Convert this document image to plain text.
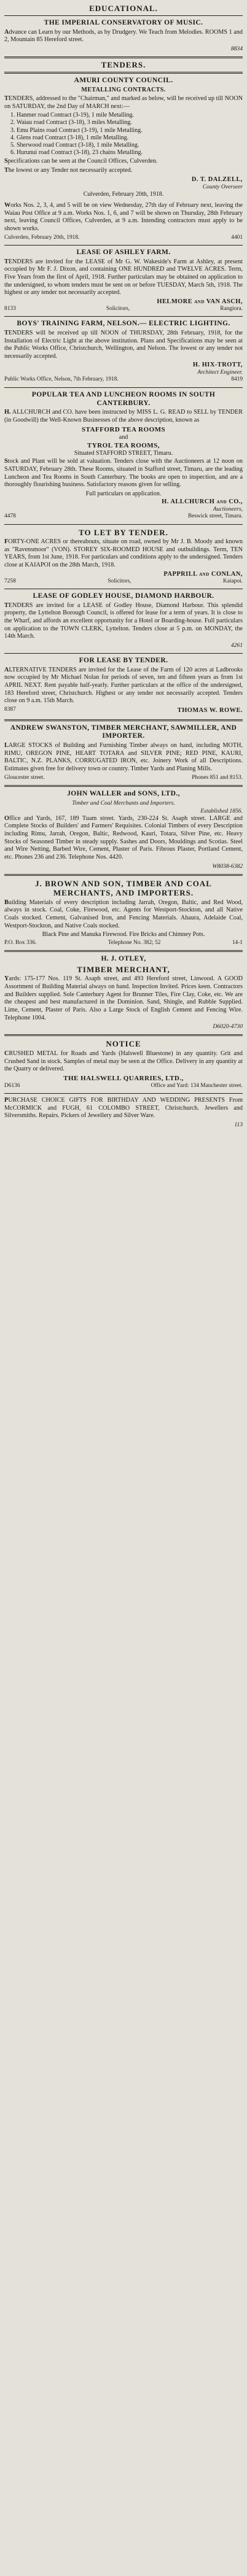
EDUCATIONAL.
THE IMPERIAL CONSERVATORY OF MUSIC.

Advance can Learn by our Methods, as by Drudgery. We Teach from Melodies. ROOMS 1 and 2, Mountain 85 Hereford street.

8834
TENDERS.
AMURI COUNTY COUNCIL.
METALLING CONTRACTS.

TENDERS, addressed to the "Chairman," and marked as below, will be received up till NOON on SATURDAY, the 2nd Day of MARCH next:—

1. Hanmer road Contract (3-19), 1 mile Metalling.
2. Waiau road Contract (3-18), 3 miles Metalling.
3. Emu Plains road Contract (3-19), 1 mile Metalling.
4. Glens road Contract (3-18), 1 mile Metalling.
5. Sherwood road Contract (3-18), 1 mile Metalling.
6. Hurunui road Contract (3-18), 23 chains Metalling.

Specifications can be seen at the Council Offices, Culverden.

The lowest or any Tender not necessarily accepted.

D. T. DALZELL,
County Overseer
Culverden, February 20th, 1918.

Works Nos. 2, 3, 4, and 5 will be on view Wednesday, 27th day of February next, leaving the Waiau Post Office at 9 a.m. Works Nos. 1, 6, and 7 will be shown on Thursday, 28th February next, leaving Council Offices, Culverden, at 9 a.m. Intending contractors must apply to be shown works.

Culverden, February 20th, 1918.	4401
LEASE OF ASHLEY FARM.

TENDERS are invited for the LEASE of Mr G. W. Wakeside's Farm at Ashley, at present occupied by Mr F. J. Dixon, and containing ONE HUNDRED and TWELVE ACRES. Term, Five Years from the first of April, 1918. Further particulars may be obtained on application to the undersigned, to whom tenders must be sent on or before TUESDAY, March 5th, 1918. The highest or any tender not necessarily accepted.

HELMORE and VAN ASCH,
8133	Solicitors,	Rangiora.
BOYS' TRAINING FARM, NELSON.— ELECTRIC LIGHTING.

TENDERS will be received up till NOON of THURSDAY, 28th February, 1918, for the Installation of Electric Light at the above institution. Plans and Specifications may be seen at the Public Works Office, Christchurch, Wellington, and Nelson. The lowest or any tender not necessarily accepted.

H. HIX-TROTT,
Architect Engineer.
Public Works Office, Nelson, 7th February, 1918.	8419
POPULAR TEA AND LUNCHEON ROOMS IN SOUTH CANTERBURY.

H. ALLCHURCH and CO. have been instructed by MISS L. G. READ to SELL by TENDER (in Goodwill) the Well-Known Businesses of the above description, known as

STAFFORD TEA ROOMS
and
TYROL TEA ROOMS,
Situated STAFFORD STREET, Timaru.

Stock and Plant will be sold at valuation. Tenders close with the Auctioneers at 12 noon on SATURDAY, February 28th. These Rooms, situated in Stafford street, Timaru, are the leading Luncheon and Tea Rooms in South Canterbury. The books are open to inspection, and are a thoroughly flourishing business. Satisfactory reasons given for selling.

Full particulars on application.
H. ALLCHURCH and CO.,
Auctioneers,
4478	Beswick street, Timaru.
TO LET BY TENDER.

FORTY-ONE ACRES or thereabouts, situate on road, owned by Mr J. B. Moody and known as "Ravensmoor" (VON). STOREY SIX-ROOMED HOUSE and outbuildings. Term, TEN YEARS, from 1st June, 1918. For particulars and conditions apply to the undersigned. Tenders close at KAIAPOI on the 28th March, 1918.

PAPPRILL and CONLAN,
7258	Solicitors,	Kaiapoi.
LEASE OF GODLEY HOUSE, DIAMOND HARBOUR.

TENDERS are invited for a LEASE of Godley House, Diamond Harbour. This splendid property, the Lyttelton Borough Council, is offered for lease for a term of years. It is close to the Wharf, and affords an excellent opportunity for a Hotel or Boarding-house. Full particulars on application to the TOWN CLERK, Lyttelton. Tenders close at 5 p.m. on MONDAY, the 14th March.

4261
FOR LEASE BY TENDER.

ALTERNATIVE TENDERS are invited for the Lease of the Farm of 120 acres at Ladbrooks now occupied by Mr Michael Nolan for periods of seven, ten and fifteen years as from 1st APRIL NEXT. Rent payable half-yearly. Further particulars at the office of the undersigned, 183 Hereford street, Christchurch. Highest or any tender not necessarily accepted. Tenders close on 9 a.m. 15th March.

8387	THOMAS W. ROWE.
ANDREW SWANSTON, TIMBER MERCHANT, SAWMILLER, AND IMPORTER.

LARGE STOCKS of Building and Furnishing Timber always on hand, including MOTH, RIMU, OREGON PINE, HEART TOTARA and SILVER PINE; RED PINE, KAURI, BALTIC, N.Z. PLANKS, CORRUGATED IRON, etc. Joinery Work of all Descriptions. Estimates given free for delivery town or country. Timber Yards and Planing Mills.

Gloucester street.	Phones 851 and 8153.
JOHN WALLER and SONS, LTD.,
Timber and Coal Merchants and Importers.
Established 1856.

Office and Yards, 167, 189 Tuam street. Yards, 230-224 St. Asaph street. LARGE and Complete Stocks of Builders' and Farmers' Requisites. Colonial Timbers of every Description including Rimu, Jarrah, Oregon, Baltic, Redwood, Kauri, Totara, Silver Pine, etc. Heavy Stocks of Seasoned Timber in steady supply. Sashes and Doors, Mouldings and Scotias. Steel and Wire Netting, Barbed Wire, Cement, Plaster of Paris. Fibrous Plaster, Portland Cement, etc. Phones 236 and 236. Telephone Nos. 4420.

W8038-6382
J. BROWN AND SON, TIMBER AND COAL MERCHANTS, AND IMPORTERS.

Building Materials of every description including Jarrah, Oregon, Baltic, and Red Wood, always in stock. Coal, Coke, Firewood, etc. Agents for Westport-Stockton, and all Native Coals stocked. Cement, Galvanised Iron, and Fencing Materials. Ahaura, Adelaide Coal, Westport-Stockton, and Native Coals stocked.

Black Pine and Manuka Firewood. Fire Bricks and Chimney Pots.
P.O. Box 336.	Telephone No. 382; 52	14-1
H. J. OTLEY,
TIMBER MERCHANT,

Yards: 175-177 Nos. 119 St. Asaph street, and 493 Hereford street, Linwood. A GOOD Assortment of Building Material always on hand. Inspection Invited. Prices keen. Contractors and Builders supplied. Sole Canterbury Agent for Brunner Tiles, Fire Clay, Coke, etc. We are the cheapest and best manufactured in the Dominion. Sand, Shingle, and Rubble Supplied. Lime, Cement, Plaster of Paris. Also a Large Stock of English Cement and Fencing Wire. Telephone 1004.

D6020-4730
NOTICE

CRUSHED METAL for Roads and Yards (Halswell Bluestone) in any quantity. Grit and Crushed Sand in stock. Samples of metal may be seen at the Office. Delivery in any quantity at the Quarry or delivered.

THE HALSWELL QUARRIES, LTD.,
D6136	Office and Yard: 134 Manchester street.

PURCHASE CHOICE GIFTS FOR BIRTHDAY AND WEDDING PRESENTS From McCORMICK and FUGH, 61 COLOMBO STREET, Christchurch. Jewellers and Silversmiths. Repairs. Pickers of Jewellery and Silver Ware.

113
